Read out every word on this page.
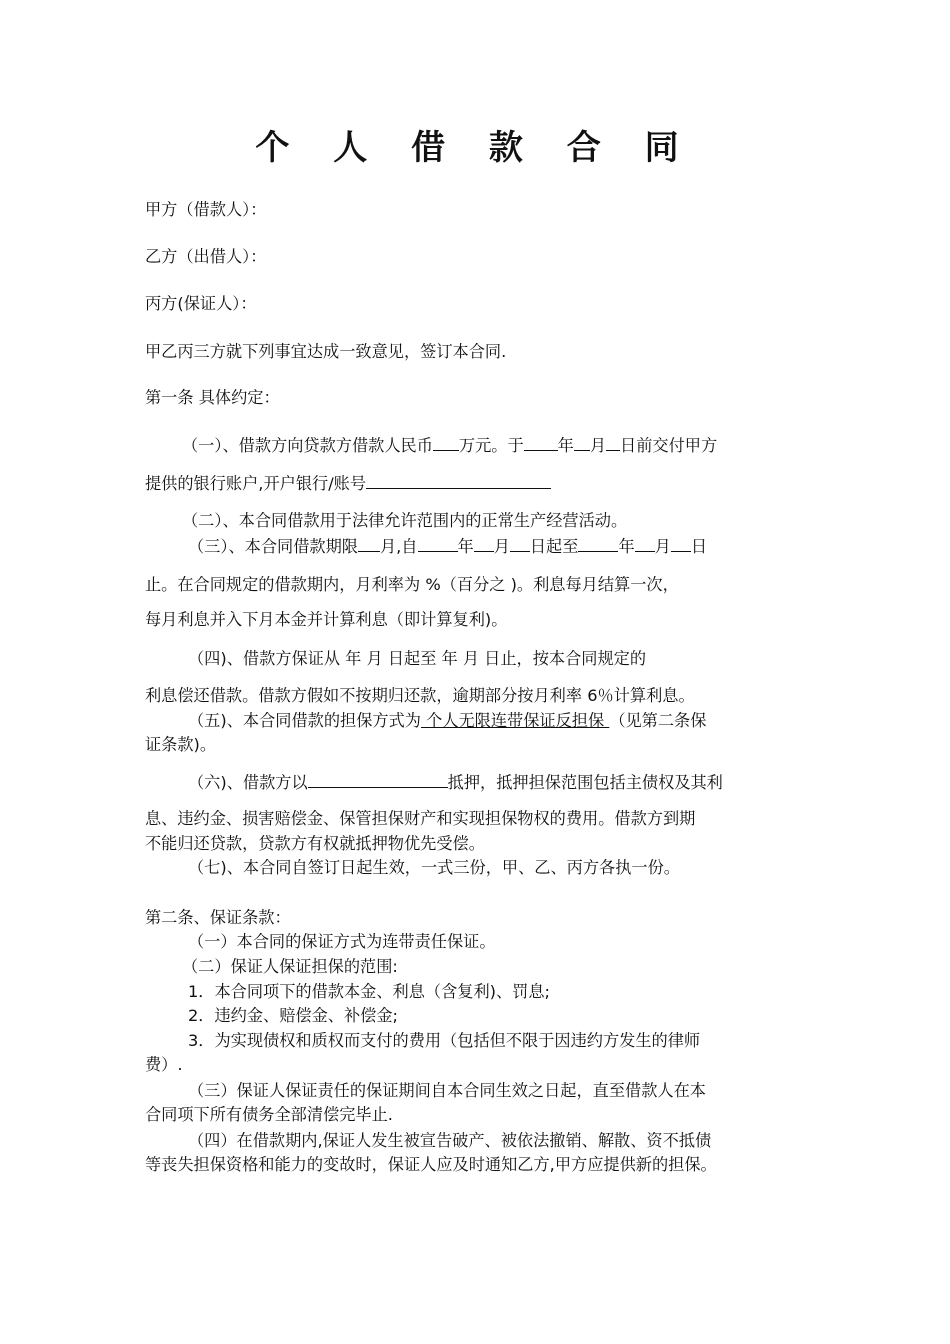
个 人 借 款 合 同
甲方（借款人）：
乙方（出借人）：
丙方(保证人）：
甲乙丙三方就下列事宜达成一致意见，签订本合同.
第一条 具体约定：
（一）、借款方向贷款方借款人民币 万元。于 年 月 日前交付甲方
提供的银行账户,开户银行/账号
（二）、本合同借款用于法律允许范围内的正常生产经营活动。
（三）、本合同借款期限 月,自 年 月 日起至 年 月 日
止。在合同规定的借款期内，月利率为 %（百分之 )。利息每月结算一次，
每月利息并入下月本金并计算利息（即计算复利)。
（四)、借款方保证从 年 月 日起至 年 月 日止，按本合同规定的
利息偿还借款。借款方假如不按期归还款，逾期部分按月利率 6％计算利息。
（五)、本合同借款的担保方式为 个人无限连带保证反担保 （见第二条保
证条款)。
（六)、借款方以	抵押，抵押担保范围包括主债权及其利
息、违约金、损害赔偿金、保管担保财产和实现担保物权的费用。借款方到期
不能归还贷款，贷款方有权就抵押物优先受偿。
（七)、本合同自签订日起生效，一式三份，甲、乙、丙方各执一份。
第二条、保证条款：
（一）本合同的保证方式为连带责任保证。
（二）保证人保证担保的范围:
1．本合同项下的借款本金、利息（含复利)、罚息;
2．违约金、赔偿金、补偿金;
3．为实现债权和质权而支付的费用（包括但不限于因违约方发生的律师
费）.
（三）保证人保证责任的保证期间自本合同生效之日起，直至借款人在本
合同项下所有债务全部清偿完毕止.
（四）在借款期内,保证人发生被宣告破产、被依法撤销、解散、资不抵债
等丧失担保资格和能力的变故时，保证人应及时通知乙方,甲方应提供新的担保。
